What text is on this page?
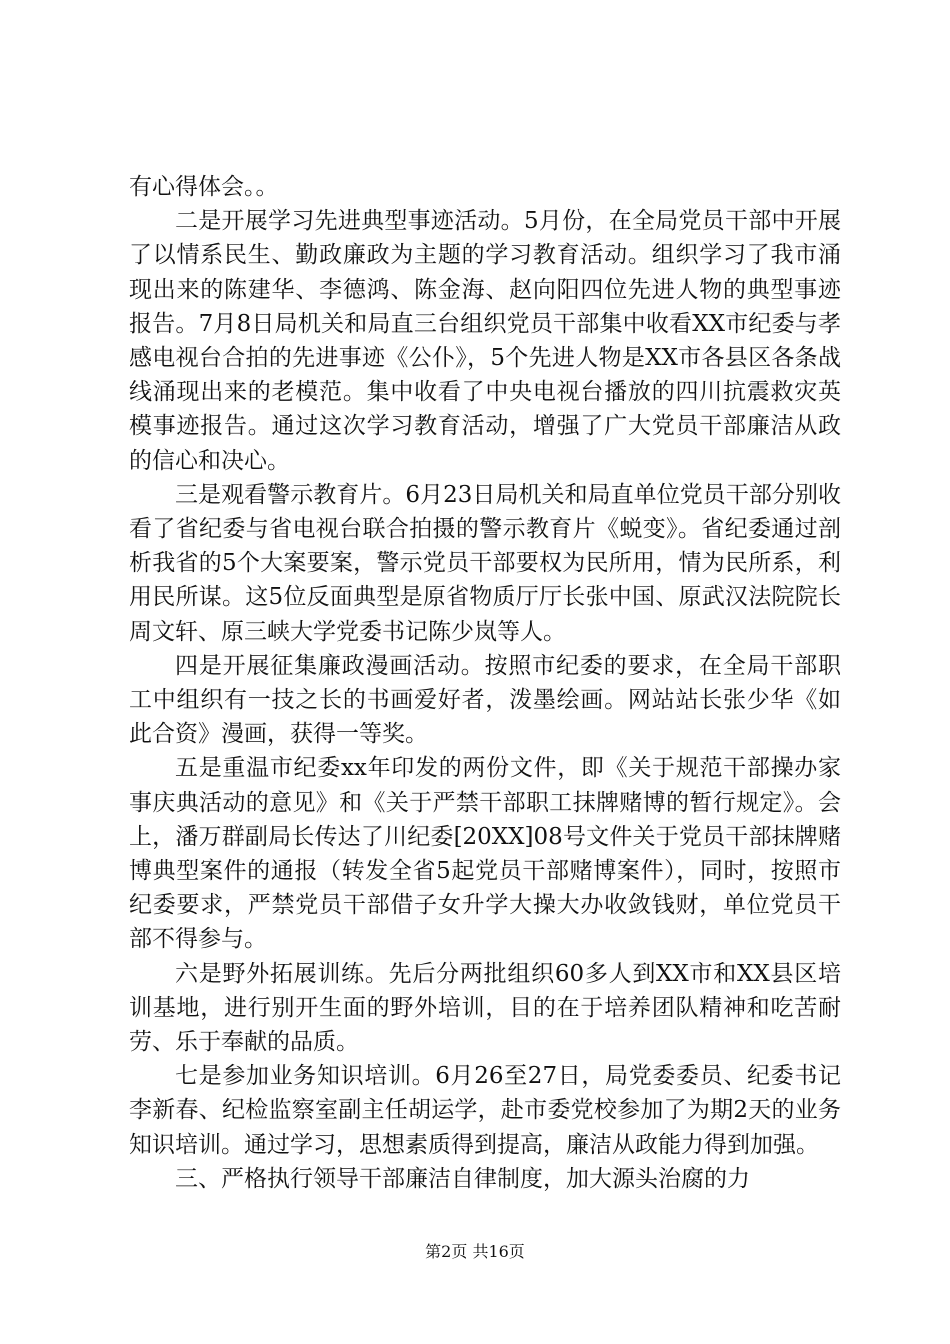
有心得体会。。

二是开展学习先进典型事迹活动。5月份，在全局党员干部中开展了以情系民生、勤政廉政为主题的学习教育活动。组织学习了我市涌现出来的陈建华、李德鸿、陈金海、赵向阳四位先进人物的典型事迹报告。7月8日局机关和局直三台组织党员干部集中收看XX市纪委与孝感电视台合拍的先进事迹《公仆》，5个先进人物是XX市各县区各条战线涌现出来的老模范。集中收看了中央电视台播放的四川抗震救灾英模事迹报告。通过这次学习教育活动，增强了广大党员干部廉洁从政的信心和决心。

三是观看警示教育片。6月23日局机关和局直单位党员干部分别收看了省纪委与省电视台联合拍摄的警示教育片《蜕变》。省纪委通过剖析我省的5个大案要案，警示党员干部要权为民所用，情为民所系，利用民所谋。这5位反面典型是原省物质厅厅长张中国、原武汉法院院长周文轩、原三峡大学党委书记陈少岚等人。

四是开展征集廉政漫画活动。按照市纪委的要求，在全局干部职工中组织有一技之长的书画爱好者，泼墨绘画。网站站长张少华《如此合资》漫画，获得一等奖。

五是重温市纪委xx年印发的两份文件，即《关于规范干部操办家事庆典活动的意见》和《关于严禁干部职工抹牌赌博的暂行规定》。会上，潘万群副局长传达了川纪委[20XX]08号文件关于党员干部抹牌赌博典型案件的通报（转发全省5起党员干部赌博案件），同时，按照市纪委要求，严禁党员干部借子女升学大操大办收敛钱财，单位党员干部不得参与。

六是野外拓展训练。先后分两批组织60多人到XX市和XX县区培训基地，进行别开生面的野外培训，目的在于培养团队精神和吃苦耐劳、乐于奉献的品质。

七是参加业务知识培训。6月26至27日，局党委委员、纪委书记李新春、纪检监察室副主任胡运学，赴市委党校参加了为期2天的业务知识培训。通过学习，思想素质得到提高，廉洁从政能力得到加强。

三、严格执行领导干部廉洁自律制度，加大源头治腐的力

第2页 共16页
